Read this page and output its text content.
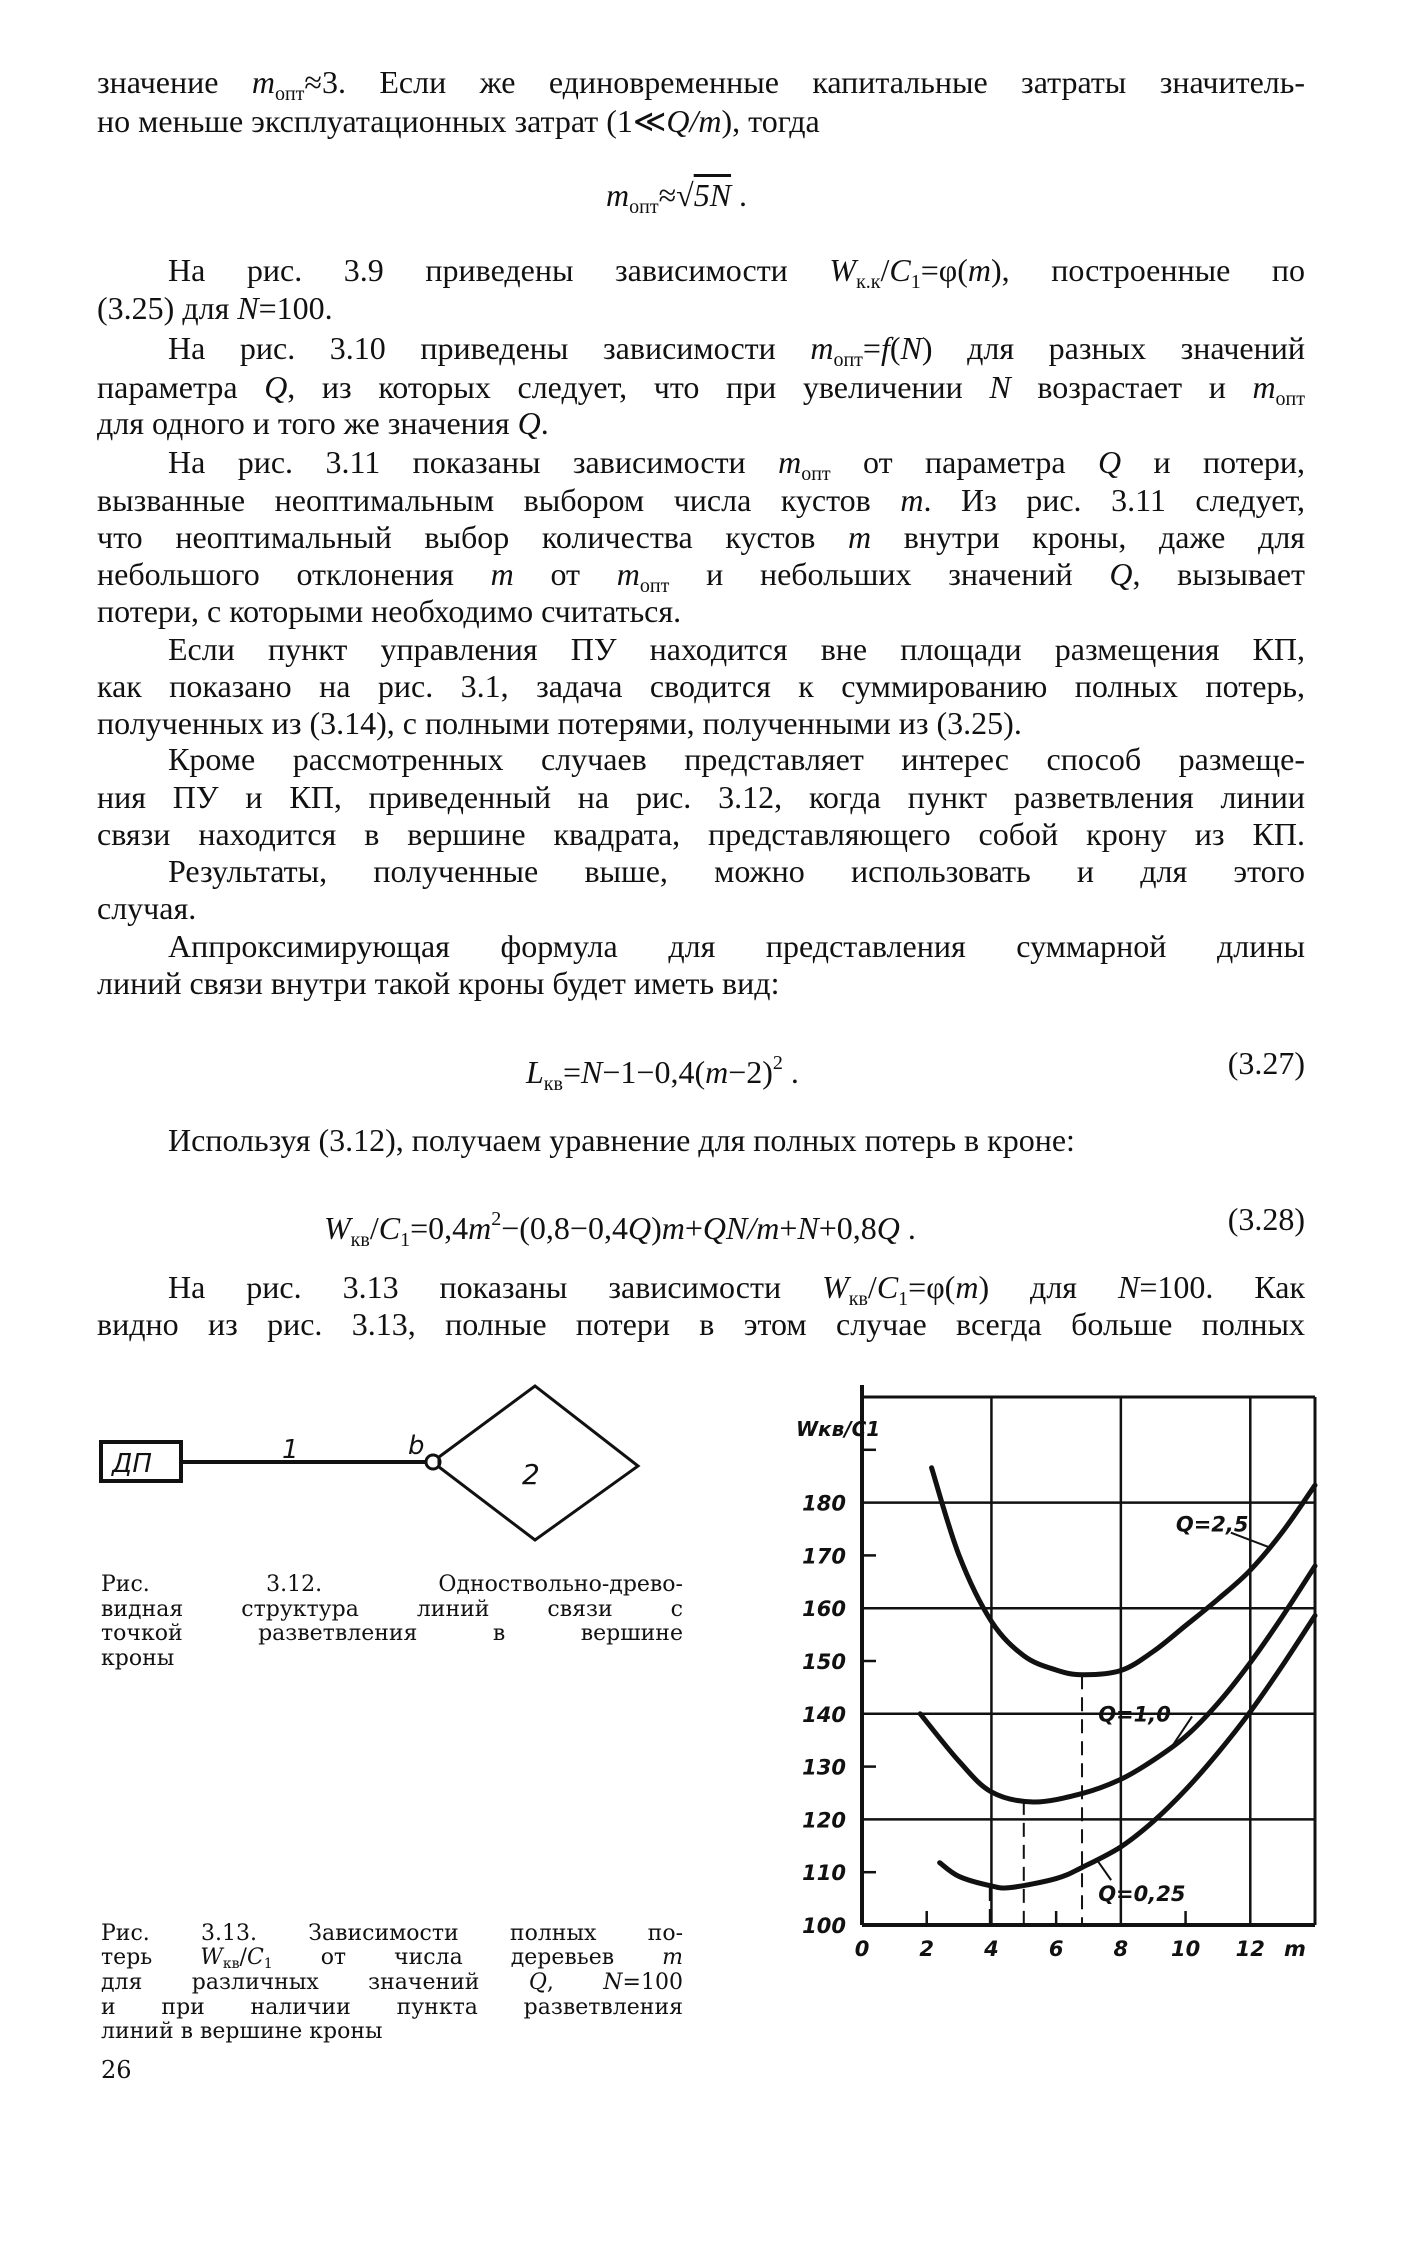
значение $m_{опт}\approx 3$. Если же единовременные капитальные затраты значитель-
но меньше эксплуатационных затрат (1≪Q/m), тогда
$m_{опт}\approx√5N$ .
На рис. 3.9 приведены зависимости $W_{к.к}/C_1=\varphi(m)$, построенные по
(3.25) для N=100.
На рис. 3.10 приведены зависимости $m_{опт}=f(N)$ для разных значений
параметра Q, из которых следует, что при увеличении N возрастает и $m_{опт}$
для одного и того же значения Q.
На рис. 3.11 показаны зависимости $m_{опт}$ от параметра Q и потери,
вызванные неоптимальным выбором числа кустов m. Из рис. 3.11 следует,
что неоптимальный выбор количества кустов m внутри кроны, даже для
небольшого отклонения m от $m_{опт}$ и небольших значений Q, вызывает
потери, с которыми необходимо считаться.
Если пункт управления ПУ находится вне площади размещения КП,
как показано на рис. 3.1, задача сводится к суммированию полных потерь,
полученных из (3.14), с полными потерями, полученными из (3.25).
Кроме рассмотренных случаев представляет интерес способ размеще-
ния ПУ и КП, приведенный на рис. 3.12, когда пункт разветвления линии
связи находится в вершине квадрата, представляющего собой крону из КП.
Результаты, полученные выше, можно использовать и для этого
случая.
Аппроксимирующая формула для представления суммарной длины
линий связи внутри такой кроны будет иметь вид:
$L_{кв}=N-1-0,4(m-2)^2$ .	(3.27)
Используя (3.12), получаем уравнение для полных потерь в кроне:
$W_{кв}/C_1=0,4m^2-(0,8-0,4Q)m+QN/m+N+0,8Q$ .	(3.28)
На рис. 3.13 показаны зависимости $W_{кв}/C_1=\varphi(m)$ для N=100. Как
видно из рис. 3.13, полные потери в этом случае всегда больше полных
ДП	1	b
2
Рис. 3.12. Одноствольно-древо-
видная структура линий связи с
точкой разветвления в вершине
кроны
Рис. 3.13. Зависимости полных по-
терь Wкв/C1 от числа деревьев m
для различных значений Q, N=100
и при наличии пункта разветвления
линий в вершине кроны
26
Wкв/C1
m
100
110
120
130
140
150
160
170
180
0 2 4 6 8 10 12
Q=2,5
Q=1,0
Q=0,25
